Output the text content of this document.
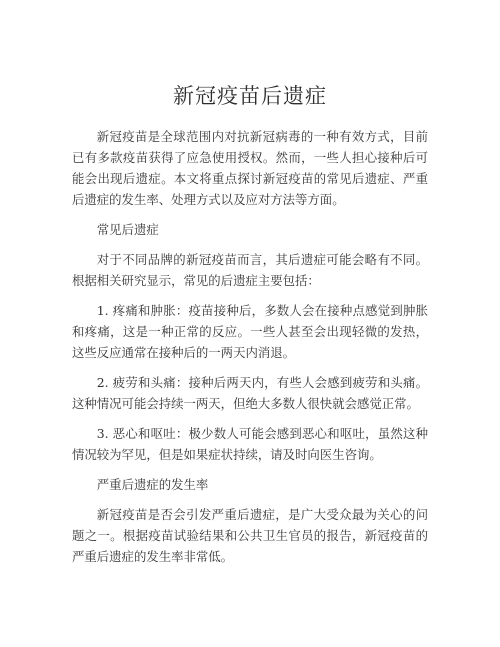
新冠疫苗后遗症

新冠疫苗是全球范围内对抗新冠病毒的一种有效方式，目前已有多款疫苗获得了应急使用授权。然而，一些人担心接种后可能会出现后遗症。本文将重点探讨新冠疫苗的常见后遗症、严重后遗症的发生率、处理方式以及应对方法等方面。

常见后遗症

对于不同品牌的新冠疫苗而言，其后遗症可能会略有不同。根据相关研究显示，常见的后遗症主要包括：

1. 疼痛和肿胀：疫苗接种后，多数人会在接种点感觉到肿胀和疼痛，这是一种正常的反应。一些人甚至会出现轻微的发热，这些反应通常在接种后的一两天内消退。

2. 疲劳和头痛：接种后两天内，有些人会感到疲劳和头痛。这种情况可能会持续一两天，但绝大多数人很快就会感觉正常。

3. 恶心和呕吐：极少数人可能会感到恶心和呕吐，虽然这种情况较为罕见，但是如果症状持续，请及时向医生咨询。

严重后遗症的发生率

新冠疫苗是否会引发严重后遗症，是广大受众最为关心的问题之一。根据疫苗试验结果和公共卫生官员的报告，新冠疫苗的严重后遗症的发生率非常低。
